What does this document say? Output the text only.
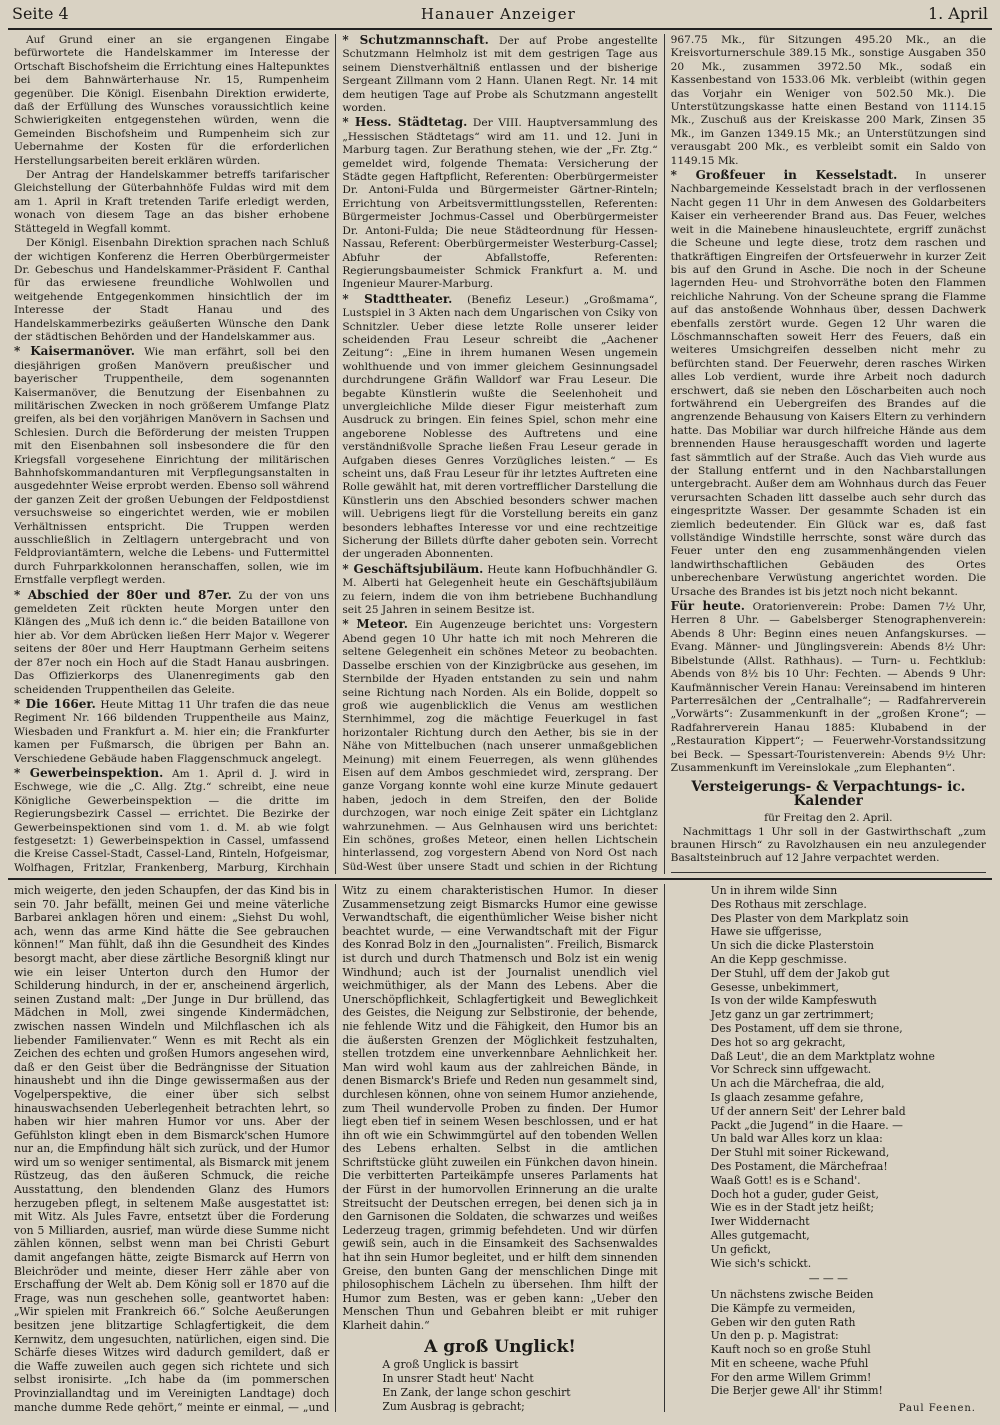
Seite 4	Hanauer Anzeiger	1. April

Auf Grund einer an sie ergangenen Eingabe befürwortete die Handelskammer im Interesse der Ortschaft Bischofsheim die Errichtung eines Haltepunktes bei dem Bahnwärterhause Nr. 15, Rumpenheim gegenüber. Die Königl. Eisenbahn Direktion erwiderte, daß der Erfüllung des Wunsches voraussichtlich keine Schwierigkeiten entgegenstehen würden, wenn die Gemeinden Bischofsheim und Rumpenheim sich zur Uebernahme der Kosten für die erforderlichen Herstellungsarbeiten bereit erklären würden.

Der Antrag der Handelskammer betreffs tarifarischer Gleichstellung der Güterbahnhöfe Fuldas wird mit dem am 1. April in Kraft tretenden Tarife erledigt werden, wonach von diesem Tage an das bisher erhobene Stättegeld in Wegfall kommt.

Der Königl. Eisenbahn Direktion sprachen nach Schluß der wichtigen Konferenz die Herren Oberbürgermeister Dr. Gebeschus und Handelskammer-Präsident F. Canthal für das erwiesene freundliche Wohlwollen und weitgehende Entgegenkommen hinsichtlich der im Interesse der Stadt Hanau und des Handelskammerbezirks geäußerten Wünsche den Dank der städtischen Behörden und der Handelskammer aus.

* Kaisermanöver. Wie man erfährt, soll bei den diesjährigen großen Manövern preußischer und bayerischer Truppentheile, dem sogenannten Kaisermanöver, die Benutzung der Eisenbahnen zu militärischen Zwecken in noch größerem Umfange Platz greifen, als bei den vorjährigen Manövern in Sachsen und Schlesien. Durch die Beförderung der meisten Truppen mit den Eisenbahnen soll insbesondere die für den Kriegsfall vorgesehene Einrichtung der militärischen Bahnhofskommandanturen mit Verpflegungsanstalten in ausgedehnter Weise erprobt werden. Ebenso soll während der ganzen Zeit der großen Uebungen der Feldpostdienst versuchsweise so eingerichtet werden, wie er mobilen Verhältnissen entspricht. Die Truppen werden ausschließlich in Zeltlagern untergebracht und von Feldproviantämtern, welche die Lebens- und Futtermittel durch Fuhrparkkolonnen heranschaffen, sollen, wie im Ernstfalle verpflegt werden.

* Abschied der 80er und 87er. Zu der von uns gemeldeten Zeit rückten heute Morgen unter den Klängen des „Muß ich denn ic.“ die beiden Bataillone von hier ab. Vor dem Abrücken ließen Herr Major v. Wegerer seitens der 80er und Herr Hauptmann Gerheim seitens der 87er noch ein Hoch auf die Stadt Hanau ausbringen. Das Offizierkorps des Ulanenregiments gab den scheidenden Truppentheilen das Geleite.

* Die 166er. Heute Mittag 11 Uhr trafen die das neue Regiment Nr. 166 bildenden Truppentheile aus Mainz, Wiesbaden und Frankfurt a. M. hier ein; die Frankfurter kamen per Fußmarsch, die übrigen per Bahn an. Verschiedene Gebäude haben Flaggenschmuck angelegt.

* Gewerbeinspektion. Am 1. April d. J. wird in Eschwege, wie die „C. Allg. Ztg.“ schreibt, eine neue Königliche Gewerbeinspektion — die dritte im Regierungsbezirk Cassel — errichtet. Die Bezirke der Gewerbeinspektionen sind vom 1. d. M. ab wie folgt festgesetzt: 1) Gewerbeinspektion in Cassel, umfassend die Kreise Cassel-Stadt, Cassel-Land, Rinteln, Hofgeismar, Wolfhagen, Fritzlar, Frankenberg, Marburg, Kirchhain

* Schutzmannschaft. Der auf Probe angestellte Schutzmann Helmholz ist mit dem gestrigen Tage aus seinem Dienstverhältniß entlassen und der bisherige Sergeant Zillmann vom 2 Hann. Ulanen Regt. Nr. 14 mit dem heutigen Tage auf Probe als Schutzmann angestellt worden.

* Hess. Städtetag. Der VIII. Hauptversammlung des „Hessischen Städtetags“ wird am 11. und 12. Juni in Marburg tagen. Zur Berathung stehen, wie der „Fr. Ztg.“ gemeldet wird, folgende Themata: Versicherung der Städte gegen Haftpflicht, Referenten: Oberbürgermeister Dr. Antoni-Fulda und Bürgermeister Gärtner-Rinteln; Errichtung von Arbeitsvermittlungsstellen, Referenten: Bürgermeister Jochmus-Cassel und Oberbürgermeister Dr. Antoni-Fulda; Die neue Städteordnung für Hessen-Nassau, Referent: Oberbürgermeister Westerburg-Cassel; Abfuhr der Abfallstoffe, Referenten: Regierungsbaumeister Schmick Frankfurt a. M. und Ingenieur Maurer-Marburg.

* Stadttheater. (Benefiz Leseur.) „Großmama“, Lustspiel in 3 Akten nach dem Ungarischen von Csiky von Schnitzler. Ueber diese letzte Rolle unserer leider scheidenden Frau Leseur schreibt die „Aachener Zeitung“: „Eine in ihrem humanen Wesen ungemein wohlthuende und von immer gleichem Gesinnungsadel durchdrungene Gräfin Walldorf war Frau Leseur. Die begabte Künstlerin wußte die Seelenhoheit und unvergleichliche Milde dieser Figur meisterhaft zum Ausdruck zu bringen. Ein feines Spiel, schon mehr eine angeborene Noblesse des Auftretens und eine verständnißvolle Sprache ließen Frau Leseur gerade in Aufgaben dieses Genres Vorzügliches leisten.“ — Es scheint uns, daß Frau Leseur für ihr letztes Auftreten eine Rolle gewählt hat, mit deren vortrefflicher Darstellung die Künstlerin uns den Abschied besonders schwer machen will. Uebrigens liegt für die Vorstellung bereits ein ganz besonders lebhaftes Interesse vor und eine rechtzeitige Sicherung der Billets dürfte daher geboten sein. Vorrecht der ungeraden Abonnenten.

* Geschäftsjubiläum. Heute kann Hofbuchhändler G. M. Alberti hat Gelegenheit heute ein Geschäftsjubiläum zu feiern, indem die von ihm betriebene Buchhandlung seit 25 Jahren in seinem Besitze ist.

* Meteor. Ein Augenzeuge berichtet uns: Vorgestern Abend gegen 10 Uhr hatte ich mit noch Mehreren die seltene Gelegenheit ein schönes Meteor zu beobachten. Dasselbe erschien von der Kinzigbrücke aus gesehen, im Sternbilde der Hyaden entstanden zu sein und nahm seine Richtung nach Norden. Als ein Bolide, doppelt so groß wie augenblicklich die Venus am westlichen Sternhimmel, zog die mächtige Feuerkugel in fast horizontaler Richtung durch den Aether, bis sie in der Nähe von Mittelbuchen (nach unserer unmaßgeblichen Meinung) mit einem Feuerregen, als wenn glühendes Eisen auf dem Ambos geschmiedet wird, zersprang. Der ganze Vorgang konnte wohl eine kurze Minute gedauert haben, jedoch in dem Streifen, den der Bolide durchzogen, war noch einige Zeit später ein Lichtglanz wahrzunehmen. — Aus Gelnhausen wird uns berichtet: Ein schönes, großes Meteor, einen hellen Lichtschein hinterlassend, zog vorgestern Abend von Nord Ost nach Süd-West über unsere Stadt und schien in der Richtung

967.75 Mk., für Sitzungen 495.20 Mk., an die Kreisvorturnerschule 389.15 Mk., sonstige Ausgaben 350 20 Mk., zusammen 3972.50 Mk., sodaß ein Kassenbestand von 1533.06 Mk. verbleibt (within gegen das Vorjahr ein Weniger von 502.50 Mk.). Die Unterstützungskasse hatte einen Bestand von 1114.15 Mk., Zuschuß aus der Kreiskasse 200 Mark, Zinsen 35 Mk., im Ganzen 1349.15 Mk.; an Unterstützungen sind verausgabt 200 Mk., es verbleibt somit ein Saldo von 1149.15 Mk.

* Großfeuer in Kesselstadt. In unserer Nachbargemeinde Kesselstadt brach in der verflossenen Nacht gegen 11 Uhr in dem Anwesen des Goldarbeiters Kaiser ein verheerender Brand aus. Das Feuer, welches weit in die Mainebene hinausleuchtete, ergriff zunächst die Scheune und legte diese, trotz dem raschen und thatkräftigen Eingreifen der Ortsfeuerwehr in kurzer Zeit bis auf den Grund in Asche. Die noch in der Scheune lagernden Heu- und Strohvorräthe boten den Flammen reichliche Nahrung. Von der Scheune sprang die Flamme auf das anstoßende Wohnhaus über, dessen Dachwerk ebenfalls zerstört wurde. Gegen 12 Uhr waren die Löschmannschaften soweit Herr des Feuers, daß ein weiteres Umsichgreifen desselben nicht mehr zu befürchten stand. Der Feuerwehr, deren rasches Wirken alles Lob verdient, wurde ihre Arbeit noch dadurch erschwert, daß sie neben den Löscharbeiten auch noch fortwährend ein Uebergreifen des Brandes auf die angrenzende Behausung von Kaisers Eltern zu verhindern hatte. Das Mobiliar war durch hilfreiche Hände aus dem brennenden Hause herausgeschafft worden und lagerte fast sämmtlich auf der Straße. Auch das Vieh wurde aus der Stallung entfernt und in den Nachbarstallungen untergebracht. Außer dem am Wohnhaus durch das Feuer verursachten Schaden litt dasselbe auch sehr durch das eingespritzte Wasser. Der gesammte Schaden ist ein ziemlich bedeutender. Ein Glück war es, daß fast vollständige Windstille herrschte, sonst wäre durch das Feuer unter den eng zusammenhängenden vielen landwirthschaftlichen Gebäuden des Ortes unberechenbare Verwüstung angerichtet worden. Die Ursache des Brandes ist bis jetzt noch nicht bekannt.

Für heute. Oratorienverein: Probe: Damen 7½ Uhr, Herren 8 Uhr. — Gabelsberger Stenographenverein: Abends 8 Uhr: Beginn eines neuen Anfangskurses. — Evang. Männer- und Jünglingsverein: Abends 8½ Uhr: Bibelstunde (Allst. Rathhaus). — Turn- u. Fechtklub: Abends von 8½ bis 10 Uhr: Fechten. — Abends 9 Uhr: Kaufmännischer Verein Hanau: Vereinsabend im hinteren Parterresälchen der „Centralhalle“; — Radfahrerverein „Vorwärts“: Zusammenkunft in der „großen Krone“; — Radfahrerverein Hanau 1885: Klubabend in der „Restauration Kippert“; — Feuerwehr-Vorstandssitzung bei Beck. — Spessart-Touristenverein: Abends 9½ Uhr: Zusammenkunft im Vereinslokale „zum Elephanten“.

Versteigerungs- & Verpachtungs- ic. Kalender
für Freitag den 2. April.

Nachmittags 1 Uhr soll in der Gastwirthschaft „zum braunen Hirsch“ zu Ravolzhausen ein neu anzulegender Basaltsteinbruch auf 12 Jahre verpachtet werden.

mich weigerte, den jeden Schaupfen, der das Kind bis in sein 70. Jahr befällt, meinen Gei und meine väterliche Barbarei anklagen hören und einem: „Siehst Du wohl, ach, wenn das arme Kind hätte die See gebrauchen können!“ Man fühlt, daß ihn die Gesundheit des Kindes besorgt macht, aber diese zärtliche Besorgniß klingt nur wie ein leiser Unterton durch den Humor der Schilderung hindurch, in der er, anscheinend ärgerlich, seinen Zustand malt: „Der Junge in Dur brüllend, das Mädchen in Moll, zwei singende Kindermädchen, zwischen nassen Windeln und Milchflaschen ich als liebender Familienvater.“ Wenn es mit Recht als ein Zeichen des echten und großen Humors angesehen wird, daß er den Geist über die Bedrängnisse der Situation hinaushebt und ihn die Dinge gewissermaßen aus der Vogelperspektive, die einer über sich selbst hinauswachsenden Ueberlegenheit betrachten lehrt, so haben wir hier mahren Humor vor uns. Aber der Gefühlston klingt eben in dem Bismarck'schen Humore nur an, die Empfindung hält sich zurück, und der Humor wird um so weniger sentimental, als Bismarck mit jenem Rüstzeug, das den äußeren Schmuck, die reiche Ausstattung, den blendenden Glanz des Humors herzugeben pflegt, in seltenem Maße ausgestattet ist: mit Witz. Als Jules Favre, entsetzt über die Forderung von 5 Milliarden, ausrief, man würde diese Summe nicht zählen können, selbst wenn man bei Christi Geburt damit angefangen hätte, zeigte Bismarck auf Herrn von Bleichröder und meinte, dieser Herr zähle aber von Erschaffung der Welt ab. Dem König soll er 1870 auf die Frage, was nun geschehen solle, geantwortet haben: „Wir spielen mit Frankreich 66.“ Solche Aeußerungen besitzen jene blitzartige Schlagfertigkeit, die dem Kernwitz, dem ungesuchten, natürlichen, eigen sind. Die Schärfe dieses Witzes wird dadurch gemildert, daß er die Waffe zuweilen auch gegen sich richtete und sich selbst ironisirte. „Ich habe da (im pommerschen Provinziallandtag und im Vereinigten Landtage) doch manche dumme Rede gehört,“ meinte er einmal, — „und

Witz zu einem charakteristischen Humor. In dieser Zusammensetzung zeigt Bismarcks Humor eine gewisse Verwandtschaft, die eigenthümlicher Weise bisher nicht beachtet wurde, — eine Verwandtschaft mit der Figur des Konrad Bolz in den „Journalisten“. Freilich, Bismarck ist durch und durch Thatmensch und Bolz ist ein wenig Windhund; auch ist der Journalist unendlich viel weichmüthiger, als der Mann des Lebens. Aber die Unerschöpflichkeit, Schlagfertigkeit und Beweglichkeit des Geistes, die Neigung zur Selbstironie, der behende, nie fehlende Witz und die Fähigkeit, den Humor bis an die äußersten Grenzen der Möglichkeit festzuhalten, stellen trotzdem eine unverkennbare Aehnlichkeit her. Man wird wohl kaum aus der zahlreichen Bände, in denen Bismarck's Briefe und Reden nun gesammelt sind, durchlesen können, ohne von seinem Humor anziehende, zum Theil wundervolle Proben zu finden. Der Humor liegt eben tief in seinem Wesen beschlossen, und er hat ihn oft wie ein Schwimmgürtel auf den tobenden Wellen des Lebens erhalten. Selbst in die amtlichen Schriftstücke glüht zuweilen ein Fünkchen davon hinein. Die verbitterten Parteikämpfe unseres Parlaments hat der Fürst in der humorvollen Erinnerung an die uralte Streitsucht der Deutschen erregen, bei denen sich ja in den Garnisonen die Soldaten, die schwarzes und weißes Lederzeug tragen, grimmig befehdeten. Und wir dürfen gewiß sein, auch in die Einsamkeit des Sachsenwaldes hat ihn sein Humor begleitet, und er hilft dem sinnenden Greise, den bunten Gang der menschlichen Dinge mit philosophischem Lächeln zu übersehen. Ihm hilft der Humor zum Besten, was er geben kann: „Ueber den Menschen Thun und Gebahren bleibt er mit ruhiger Klarheit dahin.“

A groß Unglick!
A groß Unglick is bassirt
In unsrer Stadt heut' Nacht
En Zank, der lange schon geschirt
Zum Ausbrag is gebracht;
Un in ihrem wilde Sinn
Des Rothaus mit zerschlage.
Des Plaster von dem Markplatz soin
Hawe sie uffgerisse,
Un sich die dicke Plasterstoin
An die Kepp geschmisse.
Der Stuhl, uff dem der Jakob gut
Gesesse, unbekimmert,
Is von der wilde Kampfeswuth
Jetz ganz un gar zertrimmert;
Des Postament, uff dem sie throne,
Des hot so arg gekracht,
Daß Leut', die an dem Marktplatz wohne
Vor Schreck sinn uffgewacht.
Un ach die Märchefraa, die ald,
Is glaach zesamme gefahre,
Uf der annern Seit' der Lehrer bald
Packt „die Jugend“ in die Haare. —
Un bald war Alles korz un klaa:
Der Stuhl mit soiner Rickewand,
Des Postament, die Märchefraa!
Waaß Gott! es is e Schand'.
Doch hot a guder, guder Geist,
Wie es in der Stadt jetz heißt;
Iwer Widdernacht
Alles gutgemacht,
Un gefickt,
Wie sich's schickt.
— — —
Un nächstens zwische Beiden
Die Kämpfe zu vermeiden,
Geben wir den guten Rath
Un den p. p. Magistrat:
Kauft noch so en große Stuhl
Mit en scheene, wache Pfuhl
For den arme Willem Grimm!
Die Berjer gewe All' ihr Stimm!
Paul Feenen.
